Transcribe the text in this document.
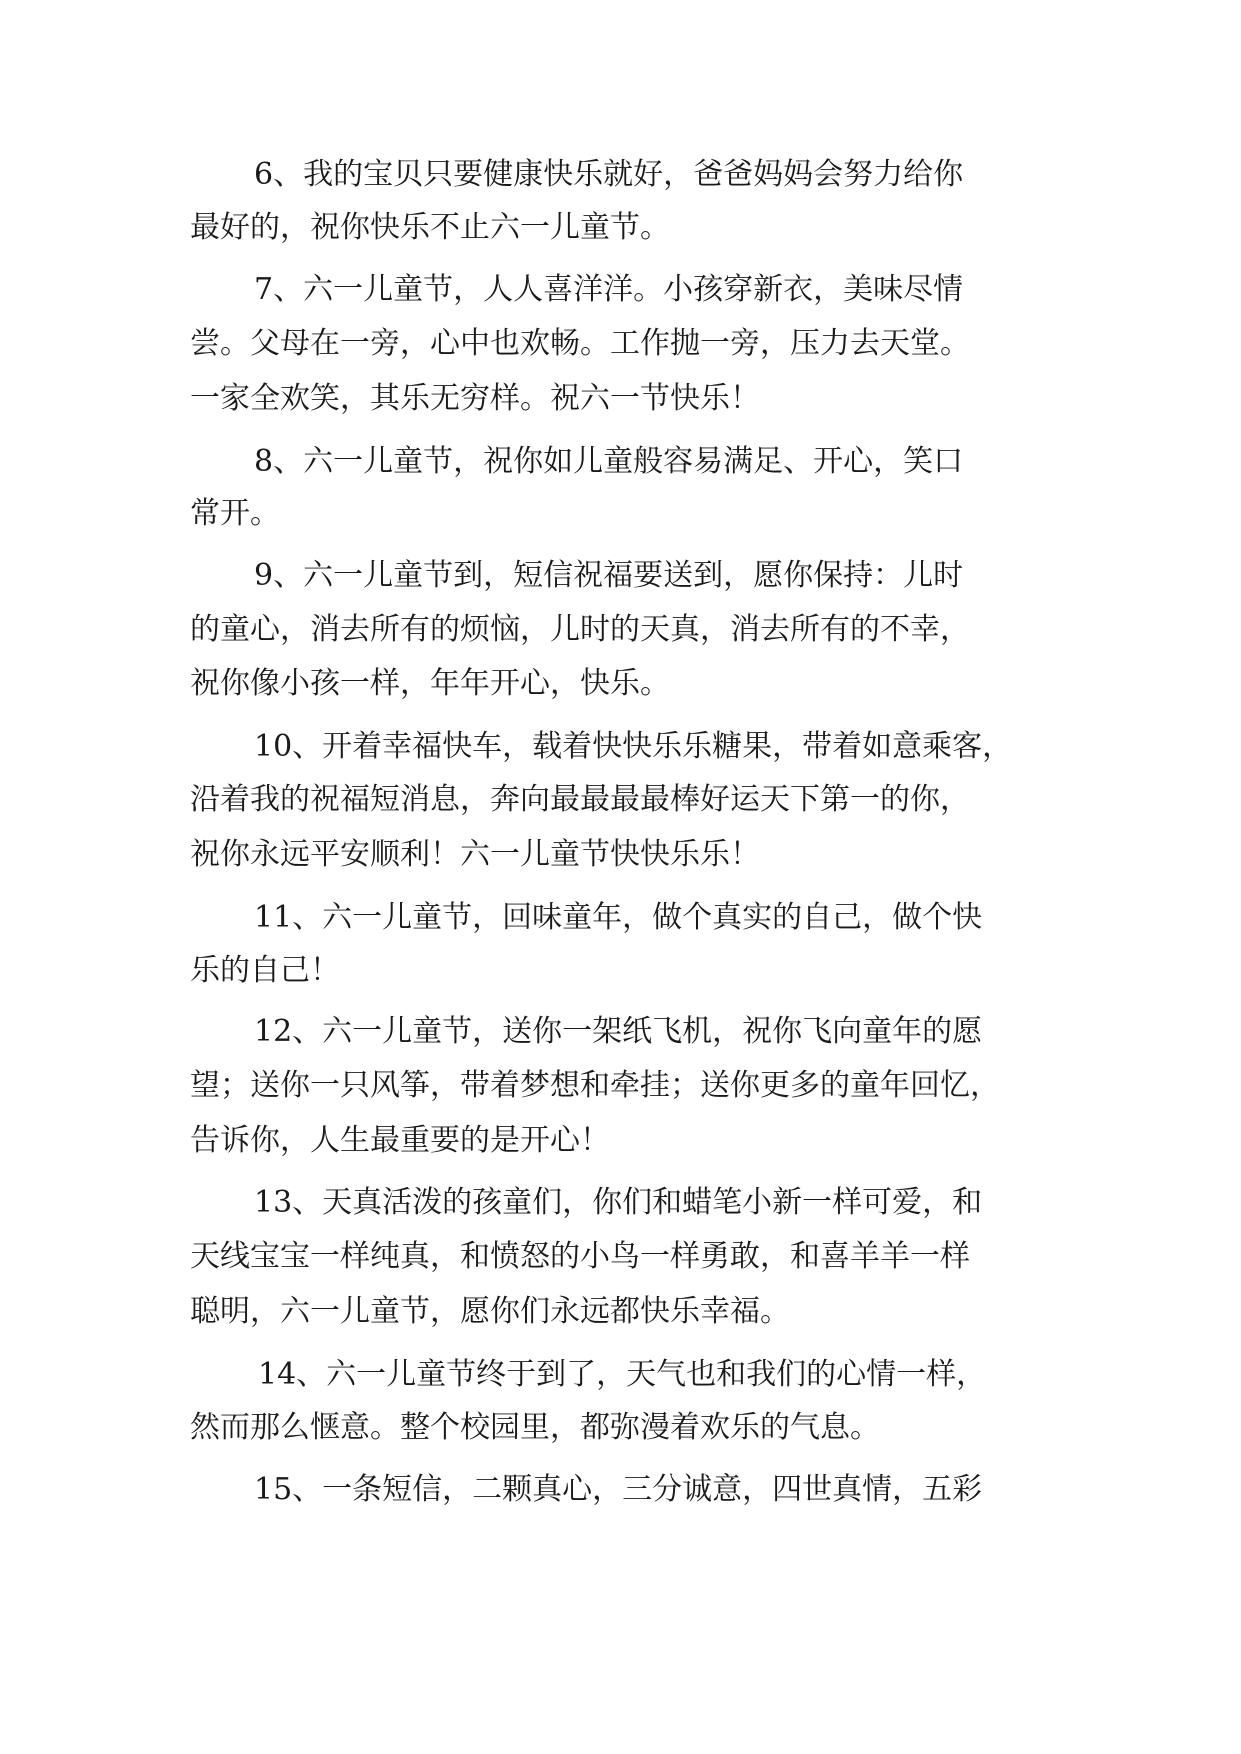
6、我的宝贝只要健康快乐就好，爸爸妈妈会努力给你
最好的，祝你快乐不止六一儿童节。
7、六一儿童节，人人喜洋洋。小孩穿新衣，美味尽情
尝。父母在一旁，心中也欢畅。工作抛一旁，压力去天堂。
一家全欢笑，其乐无穷样。祝六一节快乐！
8、六一儿童节，祝你如儿童般容易满足、开心，笑口
常开。
9、六一儿童节到，短信祝福要送到，愿你保持：儿时
的童心，消去所有的烦恼，儿时的天真，消去所有的不幸，
祝你像小孩一样，年年开心，快乐。
10、开着幸福快车，载着快快乐乐糖果，带着如意乘客，
沿着我的祝福短消息，奔向最最最最棒好运天下第一的你，
祝你永远平安顺利！六一儿童节快快乐乐！
11、六一儿童节，回味童年，做个真实的自己，做个快
乐的自己！
12、六一儿童节，送你一架纸飞机，祝你飞向童年的愿
望；送你一只风筝，带着梦想和牵挂；送你更多的童年回忆，
告诉你，人生最重要的是开心！
13、天真活泼的孩童们，你们和蜡笔小新一样可爱，和
天线宝宝一样纯真，和愤怒的小鸟一样勇敢，和喜羊羊一样
聪明，六一儿童节，愿你们永远都快乐幸福。
14、六一儿童节终于到了，天气也和我们的心情一样，
然而那么惬意。整个校园里，都弥漫着欢乐的气息。
15、一条短信，二颗真心，三分诚意，四世真情，五彩
